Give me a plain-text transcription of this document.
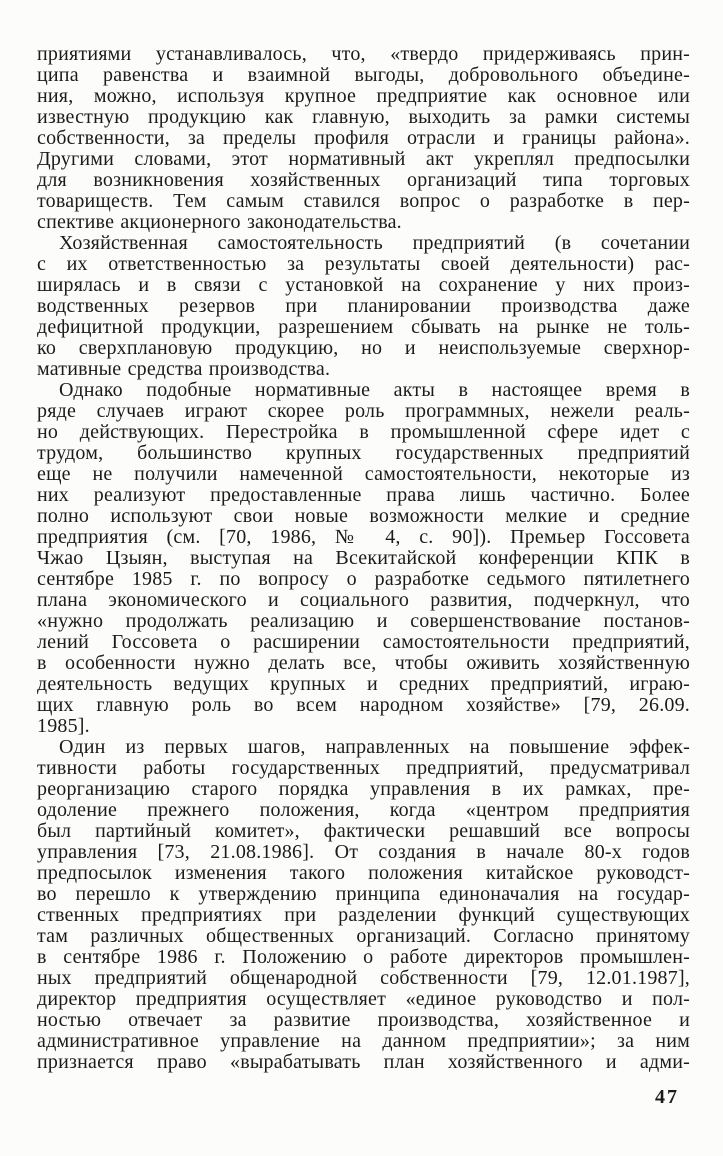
приятиями устанавливалось, что, «твердо придерживаясь прин-
ципа равенства и взаимной выгоды, добровольного объедине-
ния, можно, используя крупное предприятие как основное или
известную продукцию как главную, выходить за рамки системы
собственности, за пределы профиля отрасли и границы района».
Другими словами, этот нормативный акт укреплял предпосылки
для возникновения хозяйственных организаций типа торговых
товариществ. Тем самым ставился вопрос о разработке в пер-
спективе акционерного законодательства.
Хозяйственная самостоятельность предприятий (в сочетании
с их ответственностью за результаты своей деятельности) рас-
ширялась и в связи с установкой на сохранение у них произ-
водственных резервов при планировании производства даже
дефицитной продукции, разрешением сбывать на рынке не толь-
ко сверхплановую продукцию, но и неиспользуемые сверхнор-
мативные средства производства.
Однако подобные нормативные акты в настоящее время в
ряде случаев играют скорее роль программных, нежели реаль-
но действующих. Перестройка в промышленной сфере идет с
трудом, большинство крупных государственных предприятий
еще не получили намеченной самостоятельности, некоторые из
них реализуют предоставленные права лишь частично. Более
полно используют свои новые возможности мелкие и средние
предприятия (см. [70, 1986, № 4, с. 90]). Премьер Госсовета
Чжао Цзыян, выступая на Всекитайской конференции КПК в
сентябре 1985 г. по вопросу о разработке седьмого пятилетнего
плана экономического и социального развития, подчеркнул, что
«нужно продолжать реализацию и совершенствование постанов-
лений Госсовета о расширении самостоятельности предприятий,
в особенности нужно делать все, чтобы оживить хозяйственную
деятельность ведущих крупных и средних предприятий, играю-
щих главную роль во всем народном хозяйстве» [79, 26.09.
1985].
Один из первых шагов, направленных на повышение эффек-
тивности работы государственных предприятий, предусматривал
реорганизацию старого порядка управления в их рамках, пре-
одоление прежнего положения, когда «центром предприятия
был партийный комитет», фактически решавший все вопросы
управления [73, 21.08.1986]. От создания в начале 80-х годов
предпосылок изменения такого положения китайское руководст-
во перешло к утверждению принципа единоначалия на государ-
ственных предприятиях при разделении функций существующих
там различных общественных организаций. Согласно принятому
в сентябре 1986 г. Положению о работе директоров промышлен-
ных предприятий общенародной собственности [79, 12.01.1987],
директор предприятия осуществляет «единое руководство и пол-
ностью отвечает за развитие производства, хозяйственное и
административное управление на данном предприятии»; за ним
признается право «вырабатывать план хозяйственного и адми-
47
